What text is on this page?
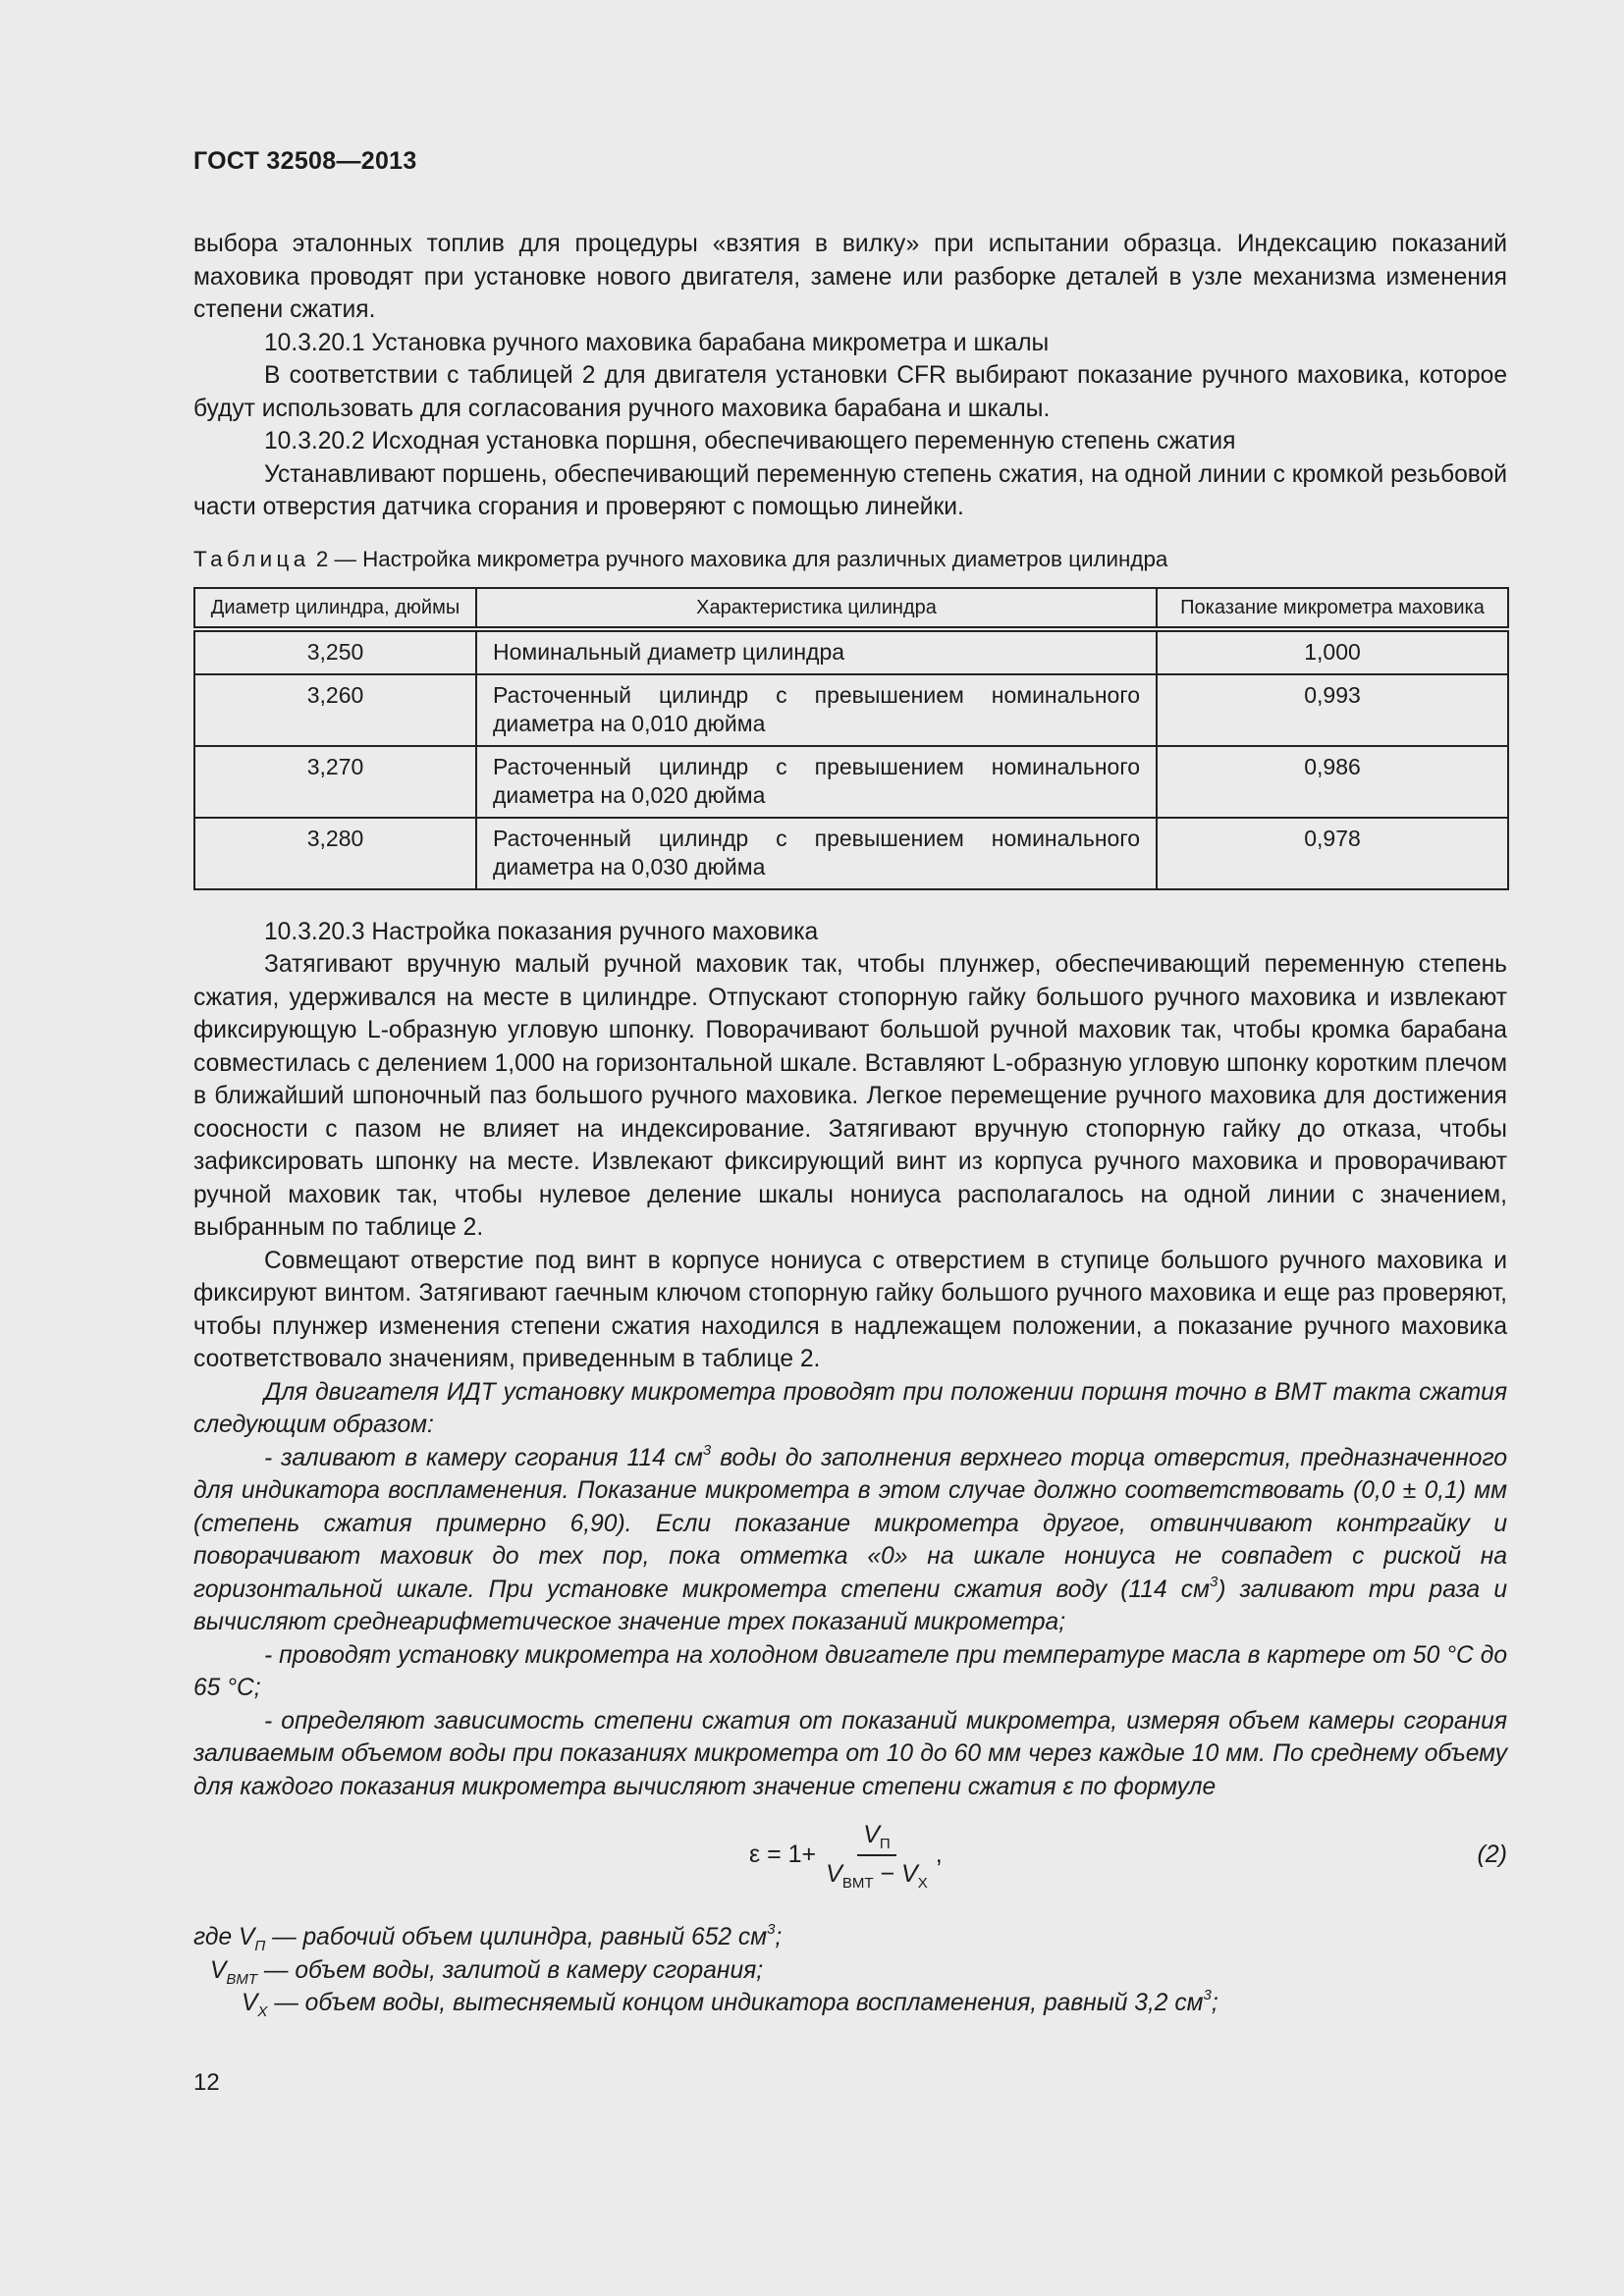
ГОСТ 32508—2013

выбора эталонных топлив для процедуры «взятия в вилку» при испытании образца. Индексацию показаний маховика проводят при установке нового двигателя, замене или разборке деталей в узле механизма изменения степени сжатия.

10.3.20.1 Установка ручного маховика барабана микрометра и шкалы

В соответствии с таблицей 2 для двигателя установки CFR выбирают показание ручного маховика, которое будут использовать для согласования ручного маховика барабана и шкалы.

10.3.20.2 Исходная установка поршня, обеспечивающего переменную степень сжатия

Устанавливают поршень, обеспечивающий переменную степень сжатия, на одной линии с кромкой резьбовой части отверстия датчика сгорания и проверяют с помощью линейки.

Таблица 2 — Настройка микрометра ручного маховика для различных диаметров цилиндра

Диаметр цилиндра, дюймы	Характеристика цилиндра	Показание микрометра маховика
3,250	Номинальный диаметр цилиндра	1,000
3,260	Расточенный цилиндр с превышением номинального диаметра на 0,010 дюйма	0,993
3,270	Расточенный цилиндр с превышением номинального диаметра на 0,020 дюйма	0,986
3,280	Расточенный цилиндр с превышением номинального диаметра на 0,030 дюйма	0,978

10.3.20.3 Настройка показания ручного маховика

Затягивают вручную малый ручной маховик так, чтобы плунжер, обеспечивающий переменную степень сжатия, удерживался на месте в цилиндре. Отпускают стопорную гайку большого ручного маховика и извлекают фиксирующую L-образную угловую шпонку. Поворачивают большой ручной маховик так, чтобы кромка барабана совместилась с делением 1,000 на горизонтальной шкале. Вставляют L-образную угловую шпонку коротким плечом в ближайший шпоночный паз большого ручного маховика. Легкое перемещение ручного маховика для достижения соосности с пазом не влияет на индексирование. Затягивают вручную стопорную гайку до отказа, чтобы зафиксировать шпонку на месте. Извлекают фиксирующий винт из корпуса ручного маховика и проворачивают ручной маховик так, чтобы нулевое деление шкалы нониуса располагалось на одной линии с значением, выбранным по таблице 2.

Совмещают отверстие под винт в корпусе нониуса с отверстием в ступице большого ручного маховика и фиксируют винтом. Затягивают гаечным ключом стопорную гайку большого ручного маховика и еще раз проверяют, чтобы плунжер изменения степени сжатия находился в надлежащем положении, а показание ручного маховика соответствовало значениям, приведенным в таблице 2.

Для двигателя ИДТ установку микрометра проводят при положении поршня точно в ВМТ такта сжатия следующим образом:

- заливают в камеру сгорания 114 $см^3$ воды до заполнения верхнего торца отверстия, предназначенного для индикатора воспламенения. Показание микрометра в этом случае должно соответствовать (0,0 ± 0,1) мм (степень сжатия примерно 6,90). Если показание микрометра другое, отвинчивают контргайку и поворачивают маховик до тех пор, пока отметка «0» на шкале нониуса не совпадет с риской на горизонтальной шкале. При установке микрометра степени сжатия воду (114 $см^3$) заливают три раза и вычисляют среднеарифметическое значение трех показаний микрометра;

- проводят установку микрометра на холодном двигателе при температуре масла в картере от 50 °С до 65 °С;

- определяют зависимость степени сжатия от показаний микрометра, измеряя объем камеры сгорания заливаемым объемом воды при показаниях микрометра от 10 до 60 мм через каждые 10 мм. По среднему объему для каждого показания микрометра вычисляют значение степени сжатия ε по формуле

$\varepsilon = 1+ \frac{V_П}{V_{ВМТ} - V_Х}$ ,	(2)

где $V_П$ — рабочий объем цилиндра, равный 652 $см^3$;

$V_{ВМТ}$ — объем воды, залитой в камеру сгорания;

$V_Х$ — объем воды, вытесняемый концом индикатора воспламенения, равный 3,2 $см^3$;

12
